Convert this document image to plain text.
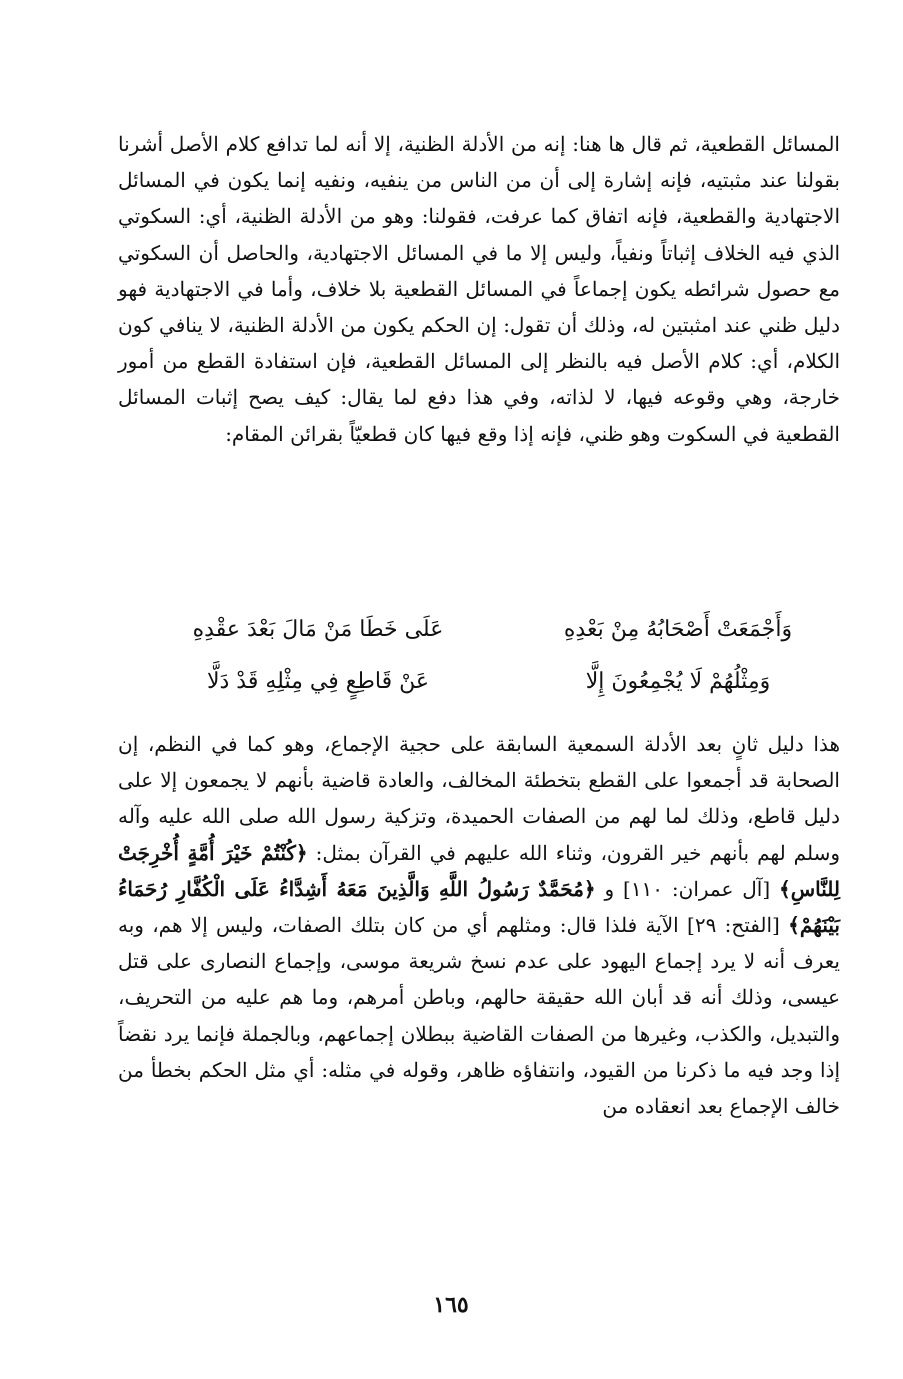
المسائل القطعية، ثم قال ها هنا: إنه من الأدلة الظنية، إلا أنه لما تدافع كلام الأصل أشرنا بقولنا عند مثبتيه، فإنه إشارة إلى أن من الناس من ينفيه، ونفيه إنما يكون في المسائل الاجتهادية والقطعية، فإنه اتفاق كما عرفت، فقولنا: وهو من الأدلة الظنية، أي: السكوتي الذي فيه الخلاف إثباتاً ونفياً، وليس إلا ما في المسائل الاجتهادية، والحاصل أن السكوتي مع حصول شرائطه يكون إجماعاً في المسائل القطعية بلا خلاف، وأما في الاجتهادية فهو دليل ظني عند امثبتين له، وذلك أن تقول: إن الحكم يكون من الأدلة الظنية، لا ينافي كون الكلام، أي: كلام الأصل فيه بالنظر إلى المسائل القطعية، فإن استفادة القطع من أمور خارجة، وهي وقوعه فيها، لا لذاته، وفي هذا دفع لما يقال: كيف يصح إثبات المسائل القطعية في السكوت وهو ظني، فإنه إذا وقع فيها كان قطعيّاً بقرائن المقام:

وَأَجْمَعَتْ أَصْحَابُهُ مِنْ بَعْدِهِ
عَلَى خَطَا مَنْ مَالَ بَعْدَ عقْدِهِ
وَمِثْلُهُمْ لَا يُجْمِعُونَ إِلَّا
عَنْ قَاطِعٍ فِي مِثْلِهِ قَدْ دَلَّا

هذا دليل ثانٍ بعد الأدلة السمعية السابقة على حجية الإجماع، وهو كما في النظم، إن الصحابة قد أجمعوا على القطع بتخطئة المخالف، والعادة قاضية بأنهم لا يجمعون إلا على دليل قاطع، وذلك لما لهم من الصفات الحميدة، وتزكية رسول الله صلى الله عليه وآله وسلم لهم بأنهم خير القرون، وثناء الله عليهم في القرآن بمثل: ﴿كُنْتُمْ خَيْرَ أُمَّةٍ أُخْرِجَتْ لِلنَّاسِ﴾ [آل عمران: ١١٠] و ﴿مُحَمَّدٌ رَسُولُ اللَّهِ وَالَّذِينَ مَعَهُ أَشِدَّاءُ عَلَى الْكُفَّارِ رُحَمَاءُ بَيْنَهُمْ﴾ [الفتح: ٢٩] الآية فلذا قال: ومثلهم أي من كان بتلك الصفات، وليس إلا هم، وبه يعرف أنه لا يرد إجماع اليهود على عدم نسخ شريعة موسى، وإجماع النصارى على قتل عيسى، وذلك أنه قد أبان الله حقيقة حالهم، وباطن أمرهم، وما هم عليه من التحريف، والتبديل، والكذب، وغيرها من الصفات القاضية ببطلان إجماعهم، وبالجملة فإنما يرد نقضاً إذا وجد فيه ما ذكرنا من القيود، وانتفاؤه ظاهر، وقوله في مثله: أي مثل الحكم بخطأ من خالف الإجماع بعد انعقاده من

١٦٥
